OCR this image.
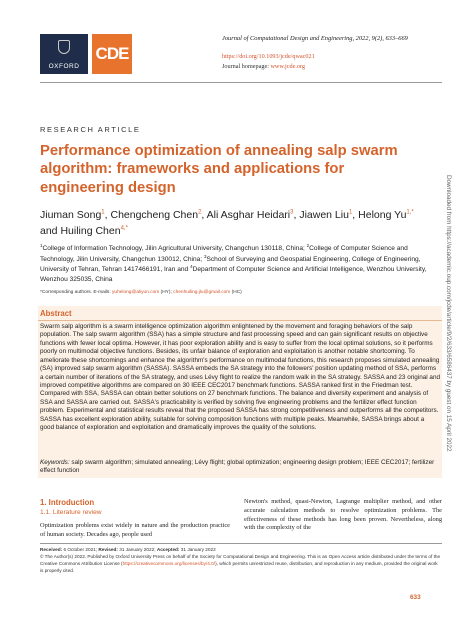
OXFORD
CDE
Journal of Computational Design and Engineering, 2022, 9(2), 633–669
https://doi.org/10.1093/jcde/qwac021
Journal homepage: www.jcde.org
RESEARCH ARTICLE
Performance optimization of annealing salp swarm algorithm: frameworks and applications for engineering design
Jiuman Song$^1$, Chengcheng Chen$^2$, Ali Asghar Heidari$^3$, Jiawen Liu$^1$, Helong $Yu^{1,*}$ and Huiling Chen$^{4,*}$
$^1$College of Information Technology, Jilin Agricultural University, Changchun 130118, China; $^2$College of Computer Science and Technology, Jilin University, Changchun 130012, China; $^3$School of Surveying and Geospatial Engineering, College of Engineering, University of Tehran, Tehran 1417466191, Iran and $^4$Department of Computer Science and Artificial Intelligence, Wenzhou University, Wenzhou 325035, China
*Corresponding authors. E-mails: yuhelong@aliyun.com (HY); chenhuiling.jlu@gmail.com (HC)
Abstract
Swarm salp algorithm is a swarm intelligence optimization algorithm enlightened by the movement and foraging behaviors of the salp population. The salp swarm algorithm (SSA) has a simple structure and fast processing speed and can gain significant results on objective functions with fewer local optima. However, it has poor exploration ability and is easy to suffer from the local optimal solutions, so it performs poorly on multimodal objective functions. Besides, its unfair balance of exploration and exploitation is another notable shortcoming. To ameliorate these shortcomings and enhance the algorithm's performance on multimodal functions, this research proposes simulated annealing (SA) improved salp swarm algorithm (SASSA). SASSA embeds the SA strategy into the followers' position updating method of SSA, performs a certain number of iterations of the SA strategy, and uses Lévy flight to realize the random walk in the SA strategy. SASSA and 23 original and improved competitive algorithms are compared on 30 IEEE CEC2017 benchmark functions. SASSA ranked first in the Friedman test. Compared with SSA, SASSA can obtain better solutions on 27 benchmark functions. The balance and diversity experiment and analysis of SSA and SASSA are carried out. SASSA's practicability is verified by solving five engineering problems and the fertilizer effect function problem. Experimental and statistical results reveal that the proposed SASSA has strong competitiveness and outperforms all the competitors. SASSA has excellent exploration ability, suitable for solving composition functions with multiple peaks. Meanwhile, SASSA brings about a good balance of exploration and exploitation and dramatically improves the quality of the solutions.
Keywords: salp swarm algorithm; simulated annealing; Lévy flight; global optimization; engineering design problem; IEEE CEC2017; fertilizer effect function
1. Introduction
1.1. Literature review
Optimization problems exist widely in nature and the production practice of human society. Decades ago, people used
Newton's method, quasi-Newton, Lagrange multiplier method, and other accurate calculation methods to resolve optimization problems. The effectiveness of these methods has long been proven. Nevertheless, along with the complexity of the
Received: 6 October 2021; Revised: 31 January 2022; Accepted: 31 January 2022
© The Author(s) 2022. Published by Oxford University Press on behalf of the Society for Computational Design and Engineering. This is an Open Access article distributed under the terms of the Creative Commons Attribution License (https://creativecommons.org/licenses/by/4.0/), which permits unrestricted reuse, distribution, and reproduction in any medium, provided the original work is properly cited.
633
Downloaded from https://academic.oup.com/jcde/article/9/2/633/6586437 by guest on 15 April 2022
